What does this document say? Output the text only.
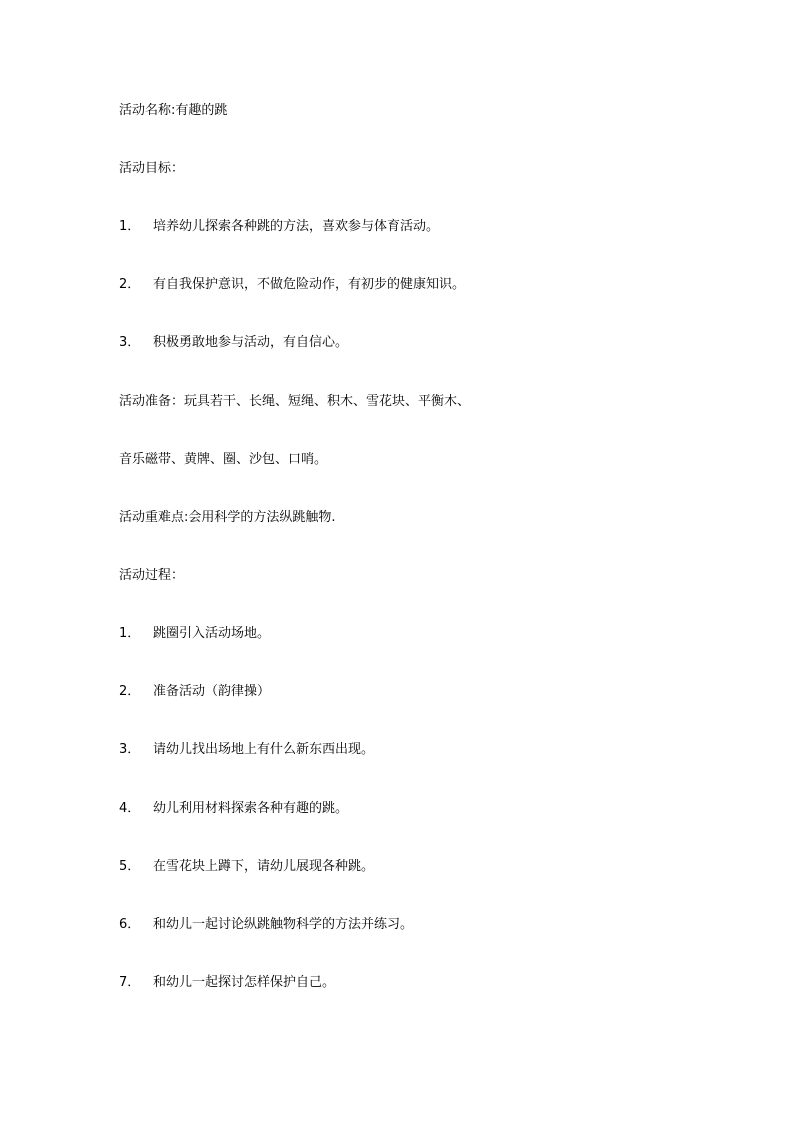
活动名称:有趣的跳
活动目标：
1． 培养幼儿探索各种跳的方法，喜欢参与体育活动。
2． 有自我保护意识，不做危险动作，有初步的健康知识。
3． 积极勇敢地参与活动，有自信心。
活动准备：玩具若干、长绳、短绳、积木、雪花块、平衡木、
音乐磁带、黄牌、圈、沙包、口哨。
活动重难点:会用科学的方法纵跳触物.
活动过程：
1． 跳圈引入活动场地。
2． 准备活动（韵律操）
3． 请幼儿找出场地上有什么新东西出现。
4． 幼儿利用材料探索各种有趣的跳。
5． 在雪花块上蹲下，请幼儿展现各种跳。
6． 和幼儿一起讨论纵跳触物科学的方法并练习。
7． 和幼儿一起探讨怎样保护自己。
